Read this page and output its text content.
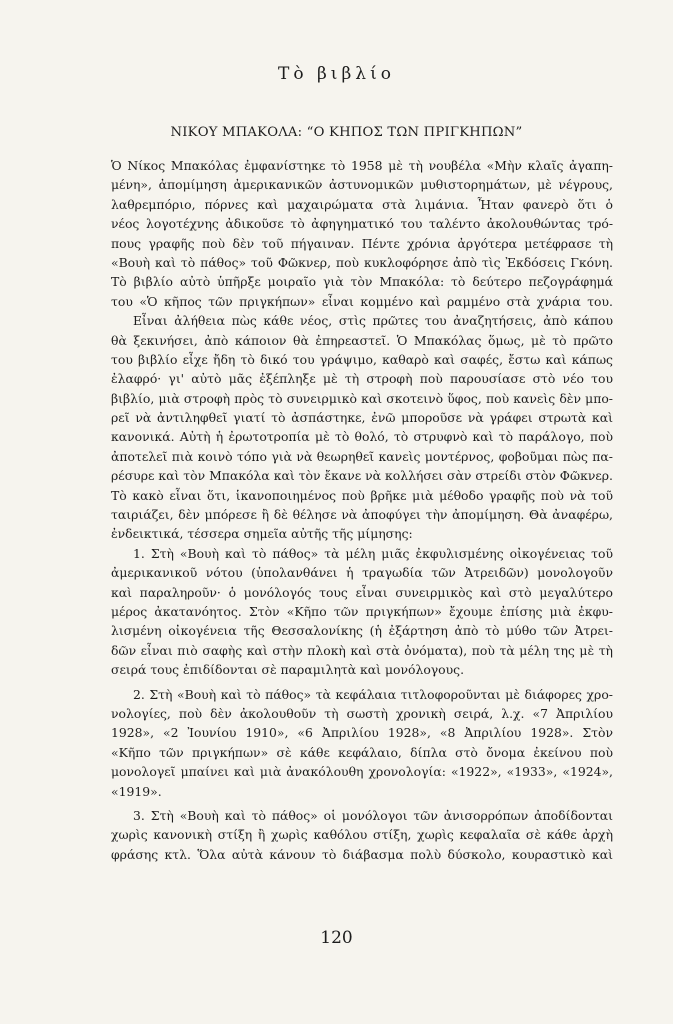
Τὸ βιβλίο
ΝΙΚΟΥ ΜΠΑΚΟΛΑ: “Ο ΚΗΠΟΣ ΤΩΝ ΠΡΙΓΚΗΠΩΝ”
Ὁ Νίκος Μπακόλας ἐμφανίστηκε τὸ 1958 μὲ τὴ νουβέλα «Μὴν κλαῖς ἀγαπη-
μένη», ἀπομίμηση ἀμερικανικῶν ἀστυνομικῶν μυθιστορημάτων, μὲ νέγρους,
λαθρεμπόριο, πόρνες καὶ μαχαιρώματα στὰ λιμάνια. Ἦταν φανερὸ ὅτι ὁ
νέος λογοτέχνης ἀδικοῦσε τὸ ἀφηγηματικό του ταλέντο ἀκολουθώντας τρό-
πους γραφῆς ποὺ δὲν τοῦ πήγαιναν. Πέντε χρόνια ἀργότερα μετέφρασε τὴ
«Βουὴ καὶ τὸ πάθος» τοῦ Φῶκνερ, ποὺ κυκλοφόρησε ἀπὸ τὶς Ἐκδόσεις Γκόνη.
Τὸ βιβλίο αὐτὸ ὑπῆρξε μοιραῖο γιὰ τὸν Μπακόλα: τὸ δεύτερο πεζογράφημά
του «Ὁ κῆπος τῶν πριγκήπων» εἶναι κομμένο καὶ ραμμένο στὰ χνάρια του.
Εἶναι ἀλήθεια πὼς κάθε νέος, στὶς πρῶτες του ἀναζητήσεις, ἀπὸ κάπου
θὰ ξεκινήσει, ἀπὸ κάποιον θὰ ἐπηρεαστεῖ. Ὁ Μπακόλας ὅμως, μὲ τὸ πρῶτο
του βιβλίο εἶχε ἤδη τὸ δικό του γράψιμο, καθαρὸ καὶ σαφές, ἔστω καὶ κάπως
ἐλαφρό· γι' αὐτὸ μᾶς ἐξέπληξε μὲ τὴ στροφὴ ποὺ παρουσίασε στὸ νέο του
βιβλίο, μιὰ στροφὴ πρὸς τὸ συνειρμικὸ καὶ σκοτεινὸ ὕφος, ποὺ κανεὶς δὲν μπο-
ρεῖ νὰ ἀντιληφθεῖ γιατί τὸ ἀσπάστηκε, ἐνῶ μποροῦσε νὰ γράφει στρωτὰ καὶ
κανονικά. Αὐτὴ ἡ ἐρωτοτροπία μὲ τὸ θολό, τὸ στρυφνὸ καὶ τὸ παράλογο, ποὺ
ἀποτελεῖ πιὰ κοινὸ τόπο γιὰ νὰ θεωρηθεῖ κανεὶς μοντέρνος, φοβοῦμαι πὼς πα-
ρέσυρε καὶ τὸν Μπακόλα καὶ τὸν ἔκανε νὰ κολλήσει σὰν στρείδι στὸν Φῶκνερ.
Τὸ κακὸ εἶναι ὅτι, ἱκανοποιημένος ποὺ βρῆκε μιὰ μέθοδο γραφῆς ποὺ νὰ τοῦ
ταιριάζει, δὲν μπόρεσε ἢ δὲ θέλησε νὰ ἀποφύγει τὴν ἀπομίμηση. Θὰ ἀναφέρω,
ἐνδεικτικά, τέσσερα σημεῖα αὐτῆς τῆς μίμησης:
1. Στὴ «Βουὴ καὶ τὸ πάθος» τὰ μέλη μιᾶς ἐκφυλισμένης οἰκογένειας τοῦ
ἀμερικανικοῦ νότου (ὑπολανθάνει ἡ τραγωδία τῶν Ἀτρειδῶν) μονολογοῦν
καὶ παραληροῦν· ὁ μονόλογός τους εἶναι συνειρμικὸς καὶ στὸ μεγαλύτερο
μέρος ἀκατανόητος. Στὸν «Κῆπο τῶν πριγκήπων» ἔχουμε ἐπίσης μιὰ ἐκφυ-
λισμένη οἰκογένεια τῆς Θεσσαλονίκης (ἡ ἐξάρτηση ἀπὸ τὸ μύθο τῶν Ἀτρει-
δῶν εἶναι πιὸ σαφὴς καὶ στὴν πλοκὴ καὶ στὰ ὀνόματα), ποὺ τὰ μέλη της μὲ τὴ
σειρά τους ἐπιδίδονται σὲ παραμιλητὰ καὶ μονόλογους.
2. Στὴ «Βουὴ καὶ τὸ πάθος» τὰ κεφάλαια τιτλοφοροῦνται μὲ διάφορες χρο-
νολογίες, ποὺ δὲν ἀκολουθοῦν τὴ σωστὴ χρονικὴ σειρά, λ.χ. «7 Ἀπριλίου
1928», «2 Ἰουνίου 1910», «6 Ἀπριλίου 1928», «8 Ἀπριλίου 1928». Στὸν
«Κῆπο τῶν πριγκήπων» σὲ κάθε κεφάλαιο, δίπλα στὸ ὄνομα ἐκείνου ποὺ
μονολογεῖ μπαίνει καὶ μιὰ ἀνακόλουθη χρονολογία: «1922», «1933», «1924»,
«1919».
3. Στὴ «Βουὴ καὶ τὸ πάθος» οἱ μονόλογοι τῶν ἀνισορρόπων ἀποδίδονται
χωρὶς κανονικὴ στίξη ἢ χωρὶς καθόλου στίξη, χωρὶς κεφαλαῖα σὲ κάθε ἀρχὴ
φράσης κτλ. Ὅλα αὐτὰ κάνουν τὸ διάβασμα πολὺ δύσκολο, κουραστικὸ καὶ
120
